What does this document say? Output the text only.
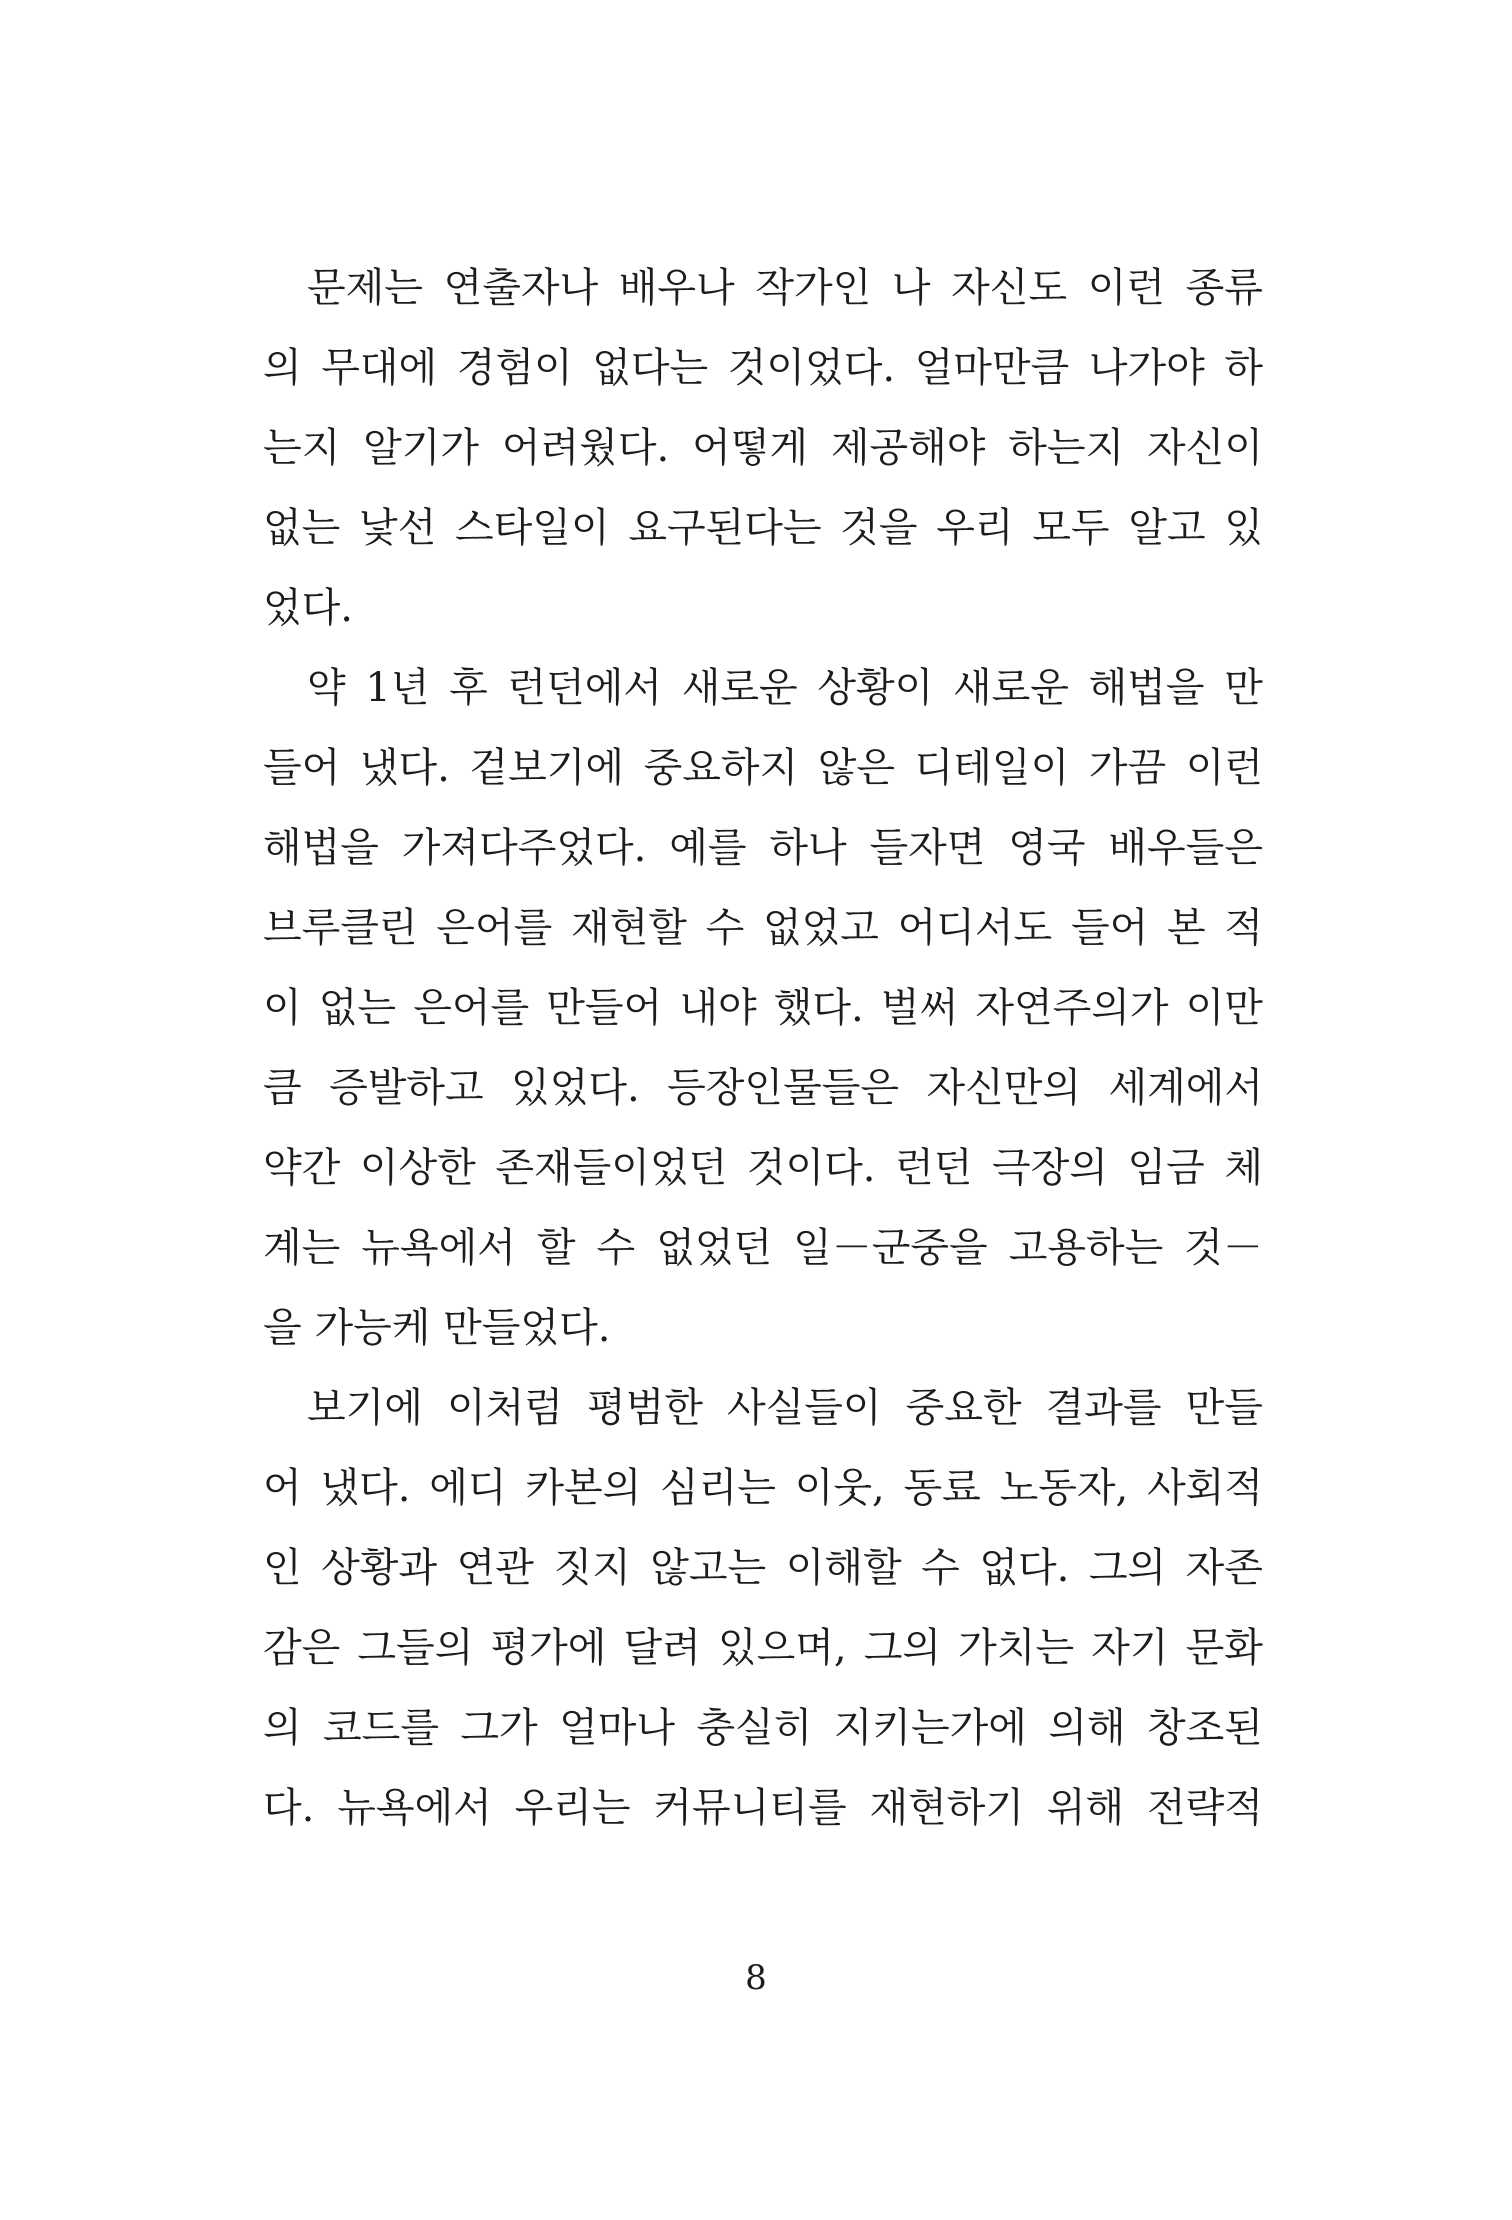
문제는 연출자나 배우나 작가인 나 자신도 이런 종류
의 무대에 경험이 없다는 것이었다. 얼마만큼 나가야 하
는지 알기가 어려웠다. 어떻게 제공해야 하는지 자신이
없는 낯선 스타일이 요구된다는 것을 우리 모두 알고 있
었다.
약 1년 후 런던에서 새로운 상황이 새로운 해법을 만
들어 냈다. 겉보기에 중요하지 않은 디테일이 가끔 이런
해법을 가져다주었다. 예를 하나 들자면 영국 배우들은
브루클린 은어를 재현할 수 없었고 어디서도 들어 본 적
이 없는 은어를 만들어 내야 했다. 벌써 자연주의가 이만
큼 증발하고 있었다. 등장인물들은 자신만의 세계에서
약간 이상한 존재들이었던 것이다. 런던 극장의 임금 체
계는 뉴욕에서 할 수 없었던 일－군중을 고용하는 것－
을 가능케 만들었다.
보기에 이처럼 평범한 사실들이 중요한 결과를 만들
어 냈다. 에디 카본의 심리는 이웃, 동료 노동자, 사회적
인 상황과 연관 짓지 않고는 이해할 수 없다. 그의 자존
감은 그들의 평가에 달려 있으며, 그의 가치는 자기 문화
의 코드를 그가 얼마나 충실히 지키는가에 의해 창조된
다. 뉴욕에서 우리는 커뮤니티를 재현하기 위해 전략적
8
